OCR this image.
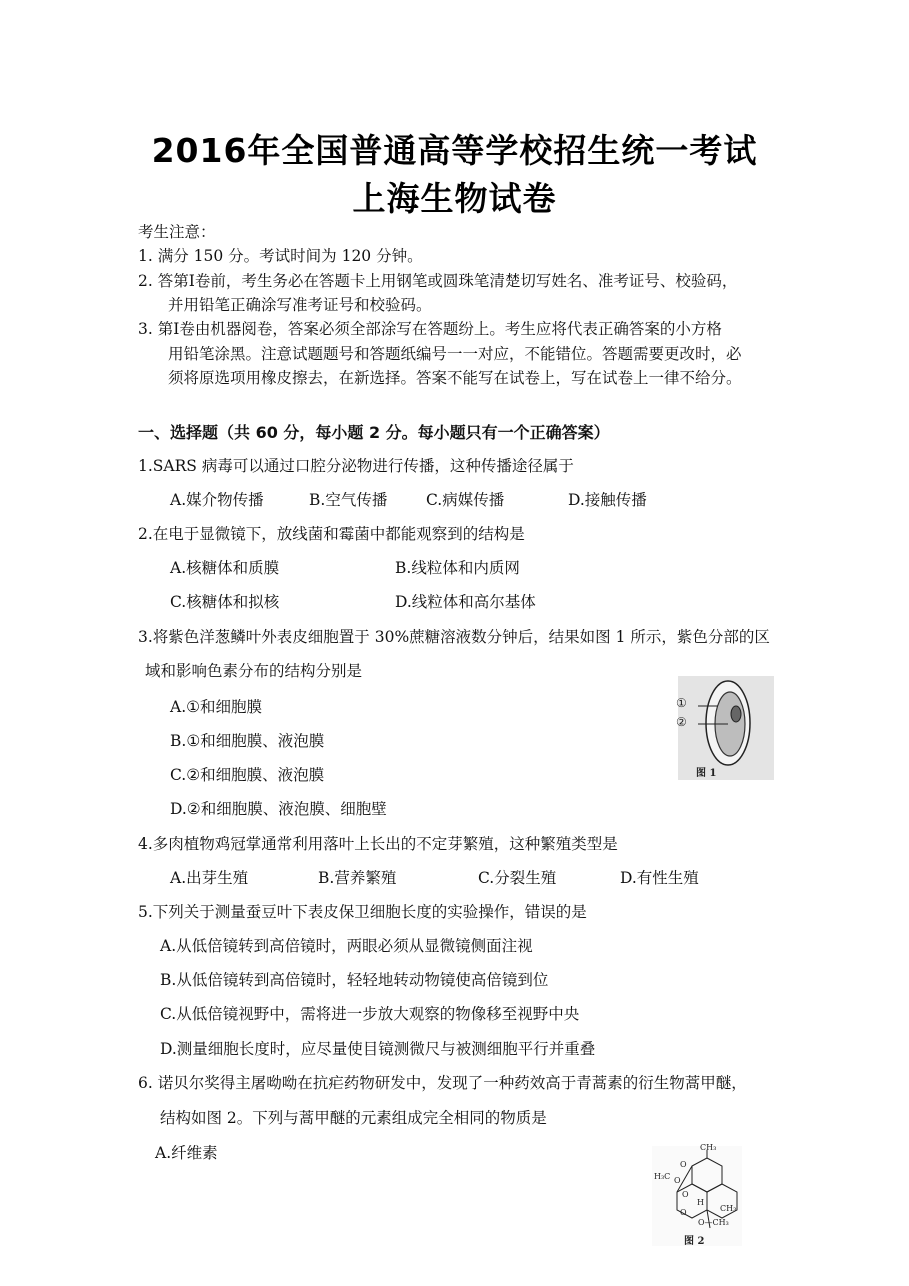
2016年全国普通高等学校招生统一考试
上海生物试卷
考生注意：
1. 满分 150 分。考试时间为 120 分钟。
2. 答第Ⅰ卷前，考生务必在答题卡上用钢笔或圆珠笔清楚切写姓名、准考证号、校验码，
并用铅笔正确涂写准考证号和校验码。
3. 第Ⅰ卷由机器阅卷，答案必须全部涂写在答题纷上。考生应将代表正确答案的小方格
用铅笔涂黑。注意试题题号和答题纸编号一一对应，不能错位。答题需要更改时，必
须将原选项用橡皮擦去，在新选择。答案不能写在试卷上，写在试卷上一律不给分。
一、选择题（共 60 分，每小题 2 分。每小题只有一个正确答案）
1.SARS 病毒可以通过口腔分泌物进行传播，这种传播途径属于
A.媒介物传播	B.空气传播 C.病媒传播	D.接触传播
2.在电于显微镜下，放线菌和霉菌中都能观察到的结构是
A.核糖体和质膜	B.线粒体和内质网
C.核糖体和拟核	D.线粒体和高尔基体
3.将紫色洋葱鳞叶外表皮细胞置于 30%蔗糖溶液数分钟后，结果如图 1 所示，紫色分部的区
域和影响色素分布的结构分别是
A.①和细胞膜
B.①和细胞膜、液泡膜
C.②和细胞膜、液泡膜
D.②和细胞膜、液泡膜、细胞壁
①
②
图 1
4.多肉植物鸡冠掌通常利用落叶上长出的不定芽繁殖，这种繁殖类型是
A.出芽生殖	B.营养繁殖	C.分裂生殖	D.有性生殖
5.下列关于测量蚕豆叶下表皮保卫细胞长度的实验操作，错误的是
A.从低倍镜转到高倍镜时，两眼必须从显微镜侧面注视
B.从低倍镜转到高倍镜时，轻轻地转动物镜使高倍镜到位
C.从低倍镜视野中，需将进一步放大观察的物像移至视野中央
D.测量细胞长度时，应尽量使目镜测微尺与被测细胞平行并重叠
6. 诺贝尔奖得主屠呦呦在抗疟药物研发中，发现了一种药效高于青蒿素的衍生物蒿甲醚，
结构如图 2。下列与蒿甲醚的元素组成完全相同的物质是
A.纤维素	CH₃
H₃C
O
O
O
H
O	CH₃
O—CH₃
图 2
